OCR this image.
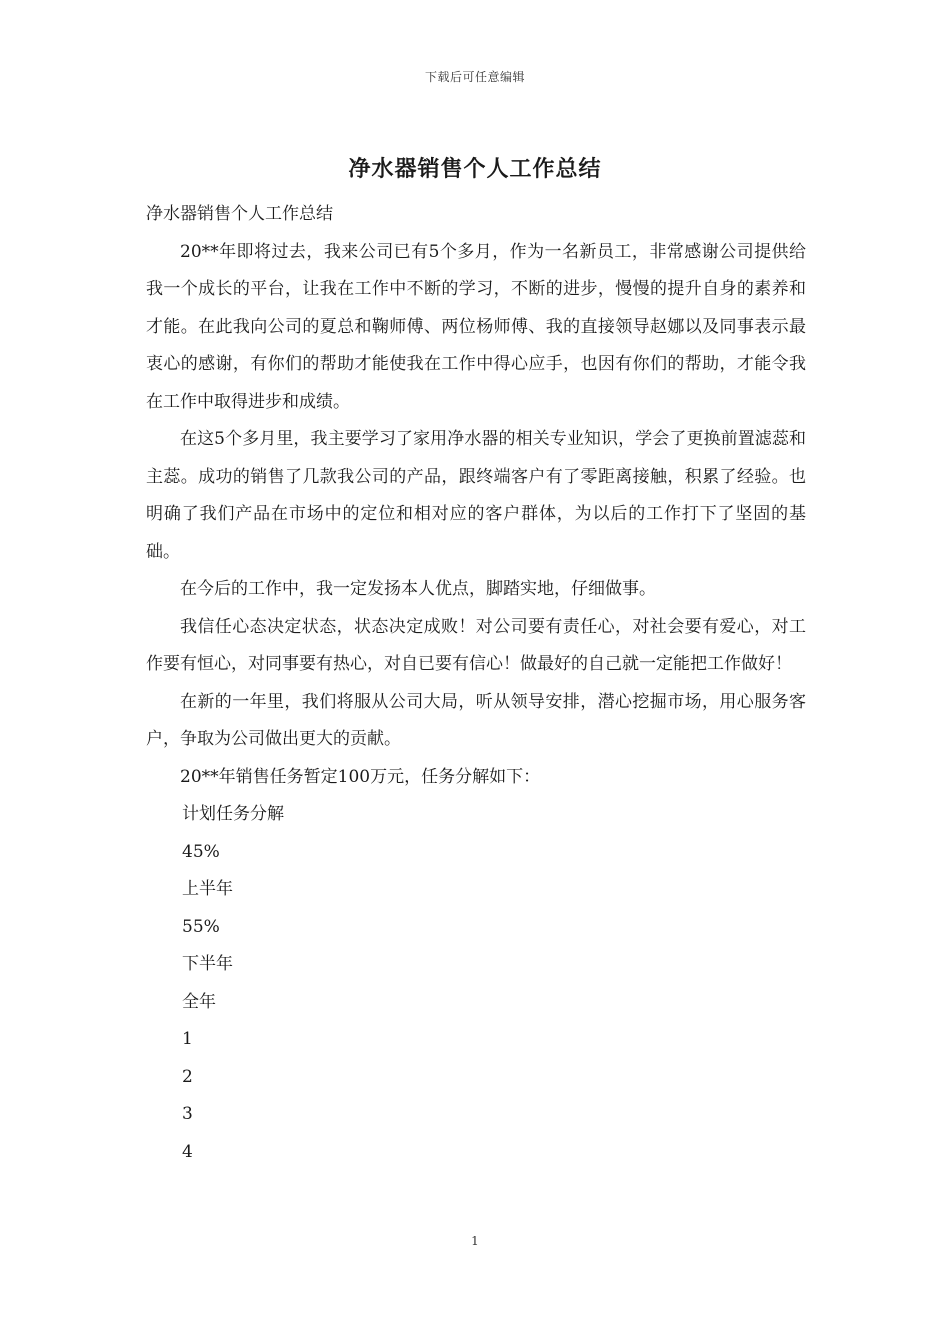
下载后可任意编辑
净水器销售个人工作总结

净水器销售个人工作总结

20**年即将过去，我来公司已有5个多月，作为一名新员工，非常感谢公司提供给我一个成长的平台，让我在工作中不断的学习，不断的进步，慢慢的提升自身的素养和才能。在此我向公司的夏总和鞠师傅、两位杨师傅、我的直接领导赵娜以及同事表示最衷心的感谢，有你们的帮助才能使我在工作中得心应手，也因有你们的帮助，才能令我在工作中取得进步和成绩。

在这5个多月里，我主要学习了家用净水器的相关专业知识，学会了更换前置滤蕊和主蕊。成功的销售了几款我公司的产品，跟终端客户有了零距离接触，积累了经验。也明确了我们产品在市场中的定位和相对应的客户群体，为以后的工作打下了坚固的基础。

在今后的工作中，我一定发扬本人优点，脚踏实地，仔细做事。

我信任心态决定状态，状态决定成败！对公司要有责任心，对社会要有爱心，对工作要有恒心，对同事要有热心，对自已要有信心！做最好的自己就一定能把工作做好！

在新的一年里，我们将服从公司大局，听从领导安排，潜心挖掘市场，用心服务客户，争取为公司做出更大的贡献。

20**年销售任务暂定100万元，任务分解如下：

计划任务分解

45%

上半年

55%

下半年

全年

1

2

3

4

1
